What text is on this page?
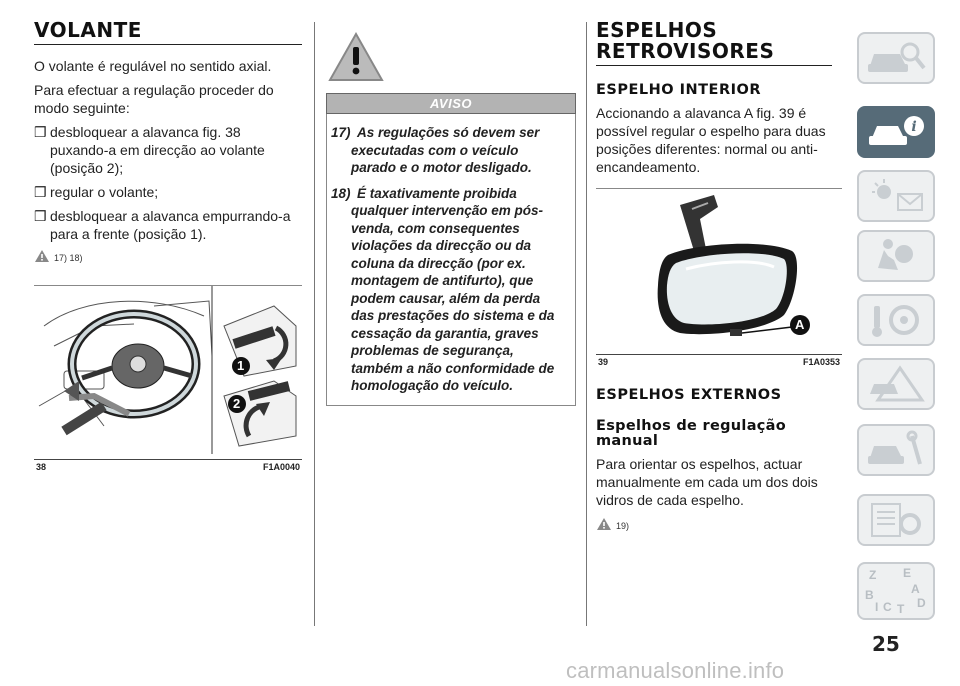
VOLANTE

O volante é regulável no sentido axial.

Para efectuar a regulação proceder do modo seguinte:

❒ desbloquear a alavanca fig. 38 puxando-a em direcção ao volante (posição 2);
❒ regular o volante;
❒ desbloquear a alavanca empurrando-a para a frente (posição 1).
17) 18)
1
2
38	F1A0040
AVISO
17) As regulações só devem ser
executadas com o veículo parado e o motor desligado.
18) É taxativamente proibida
qualquer intervenção em pós-venda, com consequentes violações da direcção ou da coluna da direcção (por ex. montagem de antifurto), que podem causar, além da perda das prestações do sistema e da cessação da garantia, graves problemas de segurança, também a não conformidade de homologação do veículo.
ESPELHOS RETROVISORES
ESPELHO INTERIOR

Accionando a alavanca A fig. 39 é possível regular o espelho para duas posições diferentes: normal ou anti-encandeamento.

A
39	F1A0353
ESPELHOS EXTERNOS
Espelhos de regulação manual

Para orientar os espelhos, actuar manualmente em cada um dos dois vidros de cada espelho.

19)
i
Z E
B	A
C D
T
I
25
carmanualsonline.info
